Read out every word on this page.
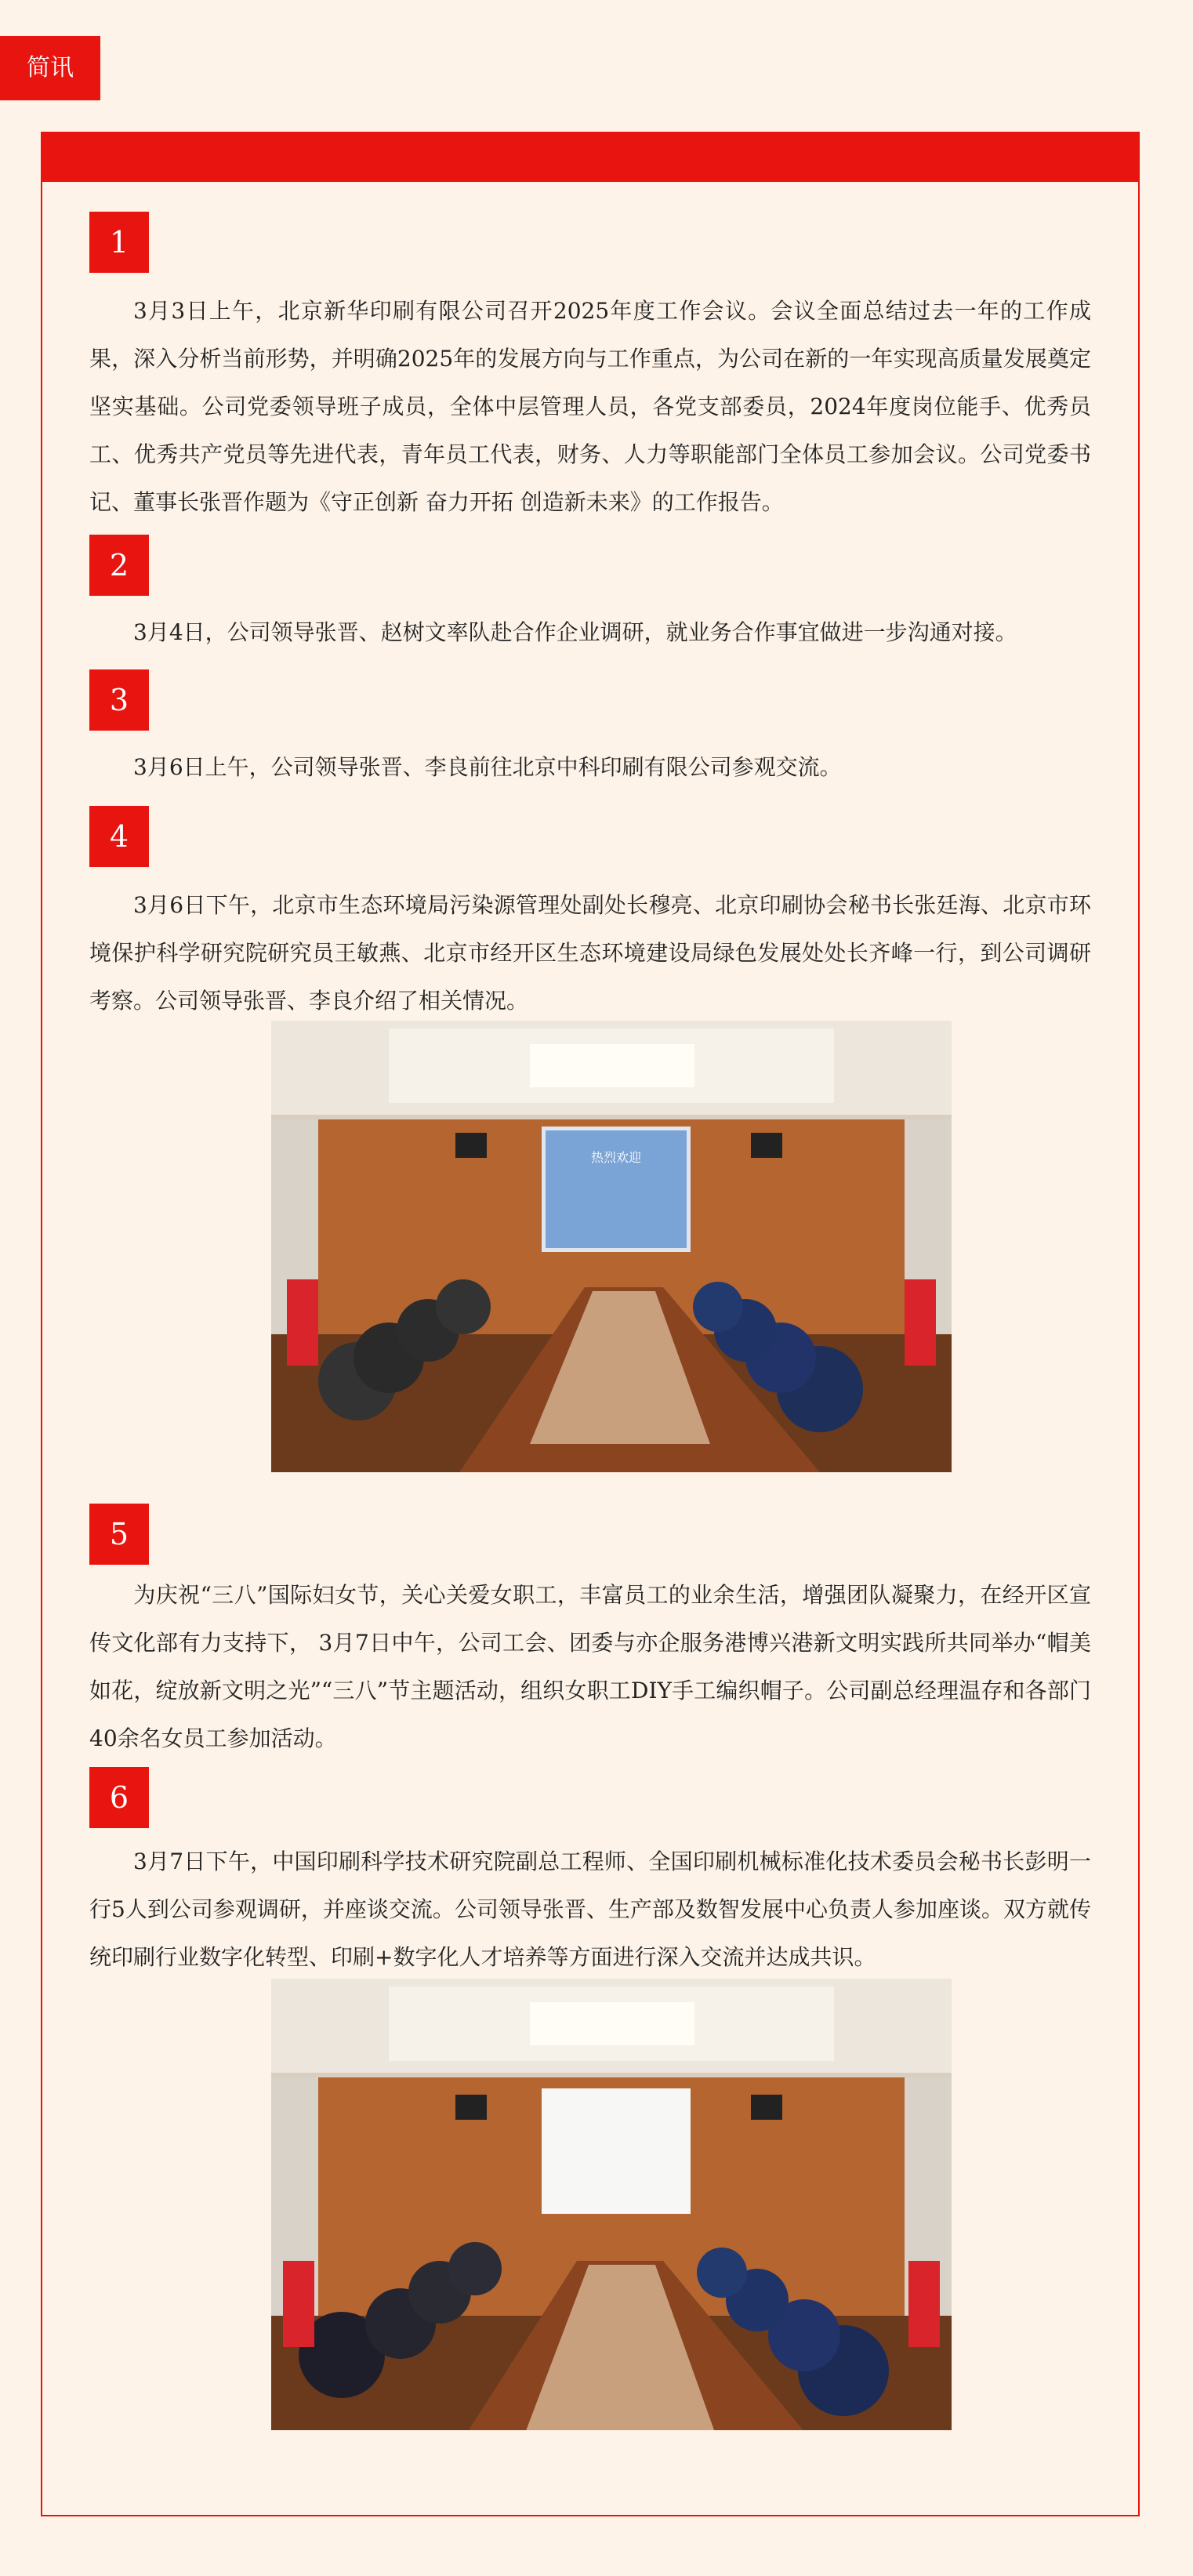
简讯
1

3月3日上午，北京新华印刷有限公司召开2025年度工作会议。会议全面总结过去一年的工作成果，深入分析当前形势，并明确2025年的发展方向与工作重点，为公司在新的一年实现高质量发展奠定坚实基础。公司党委领导班子成员，全体中层管理人员，各党支部委员，2024年度岗位能手、优秀员工、优秀共产党员等先进代表，青年员工代表，财务、人力等职能部门全体员工参加会议。公司党委书记、董事长张晋作题为《守正创新 奋力开拓 创造新未来》的工作报告。

2

3月4日，公司领导张晋、赵树文率队赴合作企业调研，就业务合作事宜做进一步沟通对接。

3

3月6日上午，公司领导张晋、李良前往北京中科印刷有限公司参观交流。

4

3月6日下午，北京市生态环境局污染源管理处副处长穆亮、北京印刷协会秘书长张廷海、北京市环境保护科学研究院研究员王敏燕、北京市经开区生态环境建设局绿色发展处处长齐峰一行，到公司调研考察。公司领导张晋、李良介绍了相关情况。

热烈欢迎
5

为庆祝“三八”国际妇女节，关心关爱女职工，丰富员工的业余生活，增强团队凝聚力，在经开区宣传文化部有力支持下， 3月7日中午，公司工会、团委与亦企服务港博兴港新文明实践所共同举办“帽美如花，绽放新文明之光”“三八”节主题活动，组织女职工DIY手工编织帽子。公司副总经理温存和各部门40余名女员工参加活动。

6

3月7日下午，中国印刷科学技术研究院副总工程师、全国印刷机械标准化技术委员会秘书长彭明一行5人到公司参观调研，并座谈交流。公司领导张晋、生产部及数智发展中心负责人参加座谈。双方就传统印刷行业数字化转型、印刷+数字化人才培养等方面进行深入交流并达成共识。
